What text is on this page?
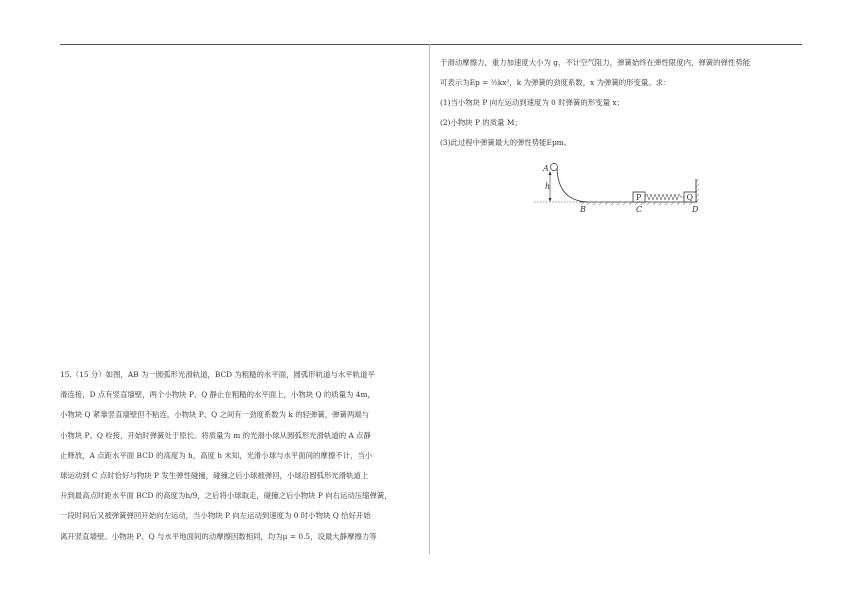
15.（15 分）如图，AB 为一圆弧形光滑轨道，BCD 为粗糙的水平面，圆弧形轨道与水平轨道平
滑连接，D 点有竖直墙壁，两个小物块 P、Q 静止在粗糙的水平面上，小物块 Q 的质量为 4m，
小物块 Q 紧靠竖直墙壁但不粘连，小物块 P、Q 之间有一劲度系数为 k 的轻弹簧，弹簧两端与
小物块 P、Q 栓接，开始时弹簧处于原长。将质量为 m 的光滑小球从圆弧形光滑轨道的 A 点静
止释放，A 点距水平面 BCD 的高度为 h，高度 h 未知，光滑小球与水平面间的摩擦不计，当小
球运动到 C 点时恰好与物块 P 发生弹性碰撞，碰撞之后小球被弹回，小球沿圆弧形光滑轨道上
升到最高点时距水平面 BCD 的高度为h/9，之后将小球取走，碰撞之后小物块 P 向右运动压缩弹簧，
一段时间后又被弹簧弹回开始向左运动，当小物块 P 向左运动到速度为 0 时小物块 Q 恰好开始
离开竖直墙壁。小物块 P、Q 与水平地面间的动摩擦因数相同，均为μ = 0.5，设最大静摩擦力等
于滑动摩擦力，重力加速度大小为 g，不计空气阻力，弹簧始终在弹性限度内，弹簧的弹性势能
可表示为Ep = ½kx²，k 为弹簧的劲度系数，x 为弹簧的形变量。求：
(1)当小物块 P 向左运动到速度为 0 时弹簧的形变量 x；
(2)小物块 P 的质量 M；
(3)此过程中弹簧最大的弹性势能Epm。
P	Q
A
h
B	C	D
